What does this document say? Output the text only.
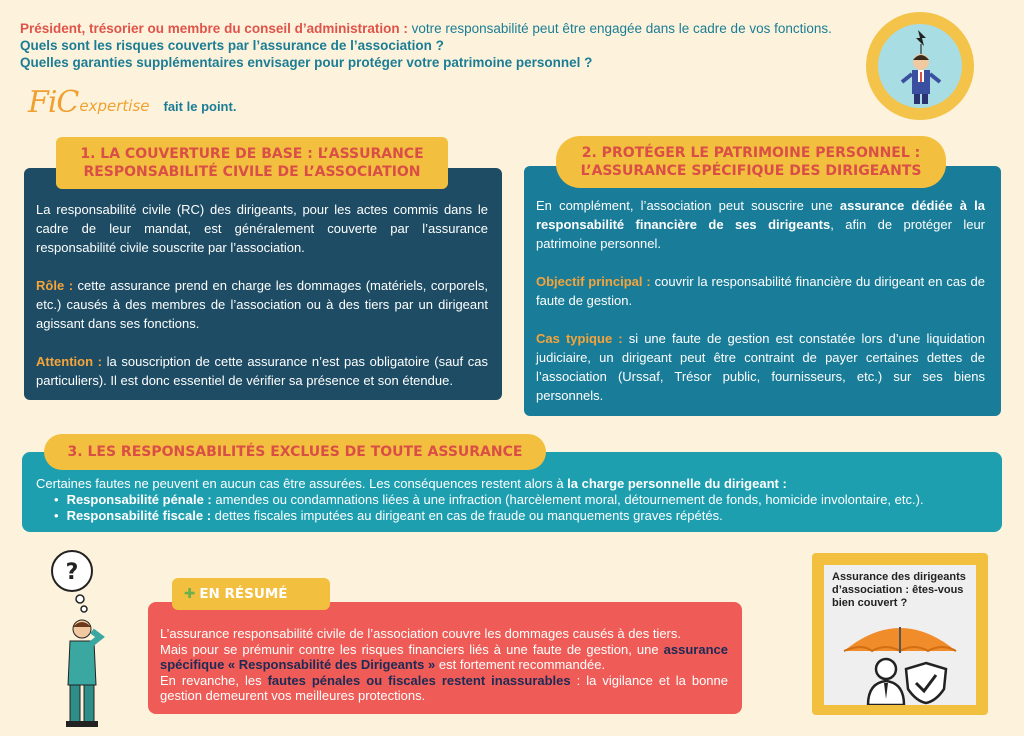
Président, trésorier ou membre du conseil d’administration : votre responsabilité peut être engagée dans le cadre de vos fonctions.
Quels sont les risques couverts par l’assurance de l’association ?
Quelles garanties supplémentaires envisager pour protéger votre patrimoine personnel ?
FiC expertise fait le point.

La responsabilité civile (RC) des dirigeants, pour les actes commis dans le cadre de leur mandat, est généralement couverte par l’assurance responsabilité civile souscrite par l’association.

Rôle : cette assurance prend en charge les dommages (matériels, corporels, etc.) causés à des membres de l’association ou à des tiers par un dirigeant agissant dans ses fonctions.

Attention : la souscription de cette assurance n’est pas obligatoire (sauf cas particuliers). Il est donc essentiel de vérifier sa présence et son étendue.

1. LA COUVERTURE DE BASE : L’ASSURANCE
RESPONSABILITÉ CIVILE DE L’ASSOCIATION

En complément, l’association peut souscrire une assurance dédiée à la responsabilité financière de ses dirigeants, afin de protéger leur patrimoine personnel.

Objectif principal : couvrir la responsabilité financière du dirigeant en cas de faute de gestion.

Cas typique : si une faute de gestion est constatée lors d’une liquidation judiciaire, un dirigeant peut être contraint de payer certaines dettes de l’association (Urssaf, Trésor public, fournisseurs, etc.) sur ses biens personnels.

2. PROTÉGER LE PATRIMOINE PERSONNEL :
L’ASSURANCE SPÉCIFIQUE DES DIRIGEANTS
Certaines fautes ne peuvent en aucun cas être assurées. Les conséquences restent alors à la charge personnelle du dirigeant :
• Responsabilité pénale : amendes ou condamnations liées à une infraction (harcèlement moral, détournement de fonds, homicide involontaire, etc.).
• Responsabilité fiscale : dettes fiscales imputées au dirigeant en cas de fraude ou manquements graves répétés.
3. LES RESPONSABILITÉS EXCLUES DE TOUTE ASSURANCE
?
L’assurance responsabilité civile de l’association couvre les dommages causés à des tiers.
Mais pour se prémunir contre les risques financiers liés à une faute de gestion, une assurance spécifique « Responsabilité des Dirigeants » est fortement recommandée.
En revanche, les fautes pénales ou fiscales restent inassurables : la vigilance et la bonne gestion demeurent vos meilleures protections.
✚ EN RÉSUMÉ
Assurance des dirigeants d’association : êtes-vous bien couvert ?
